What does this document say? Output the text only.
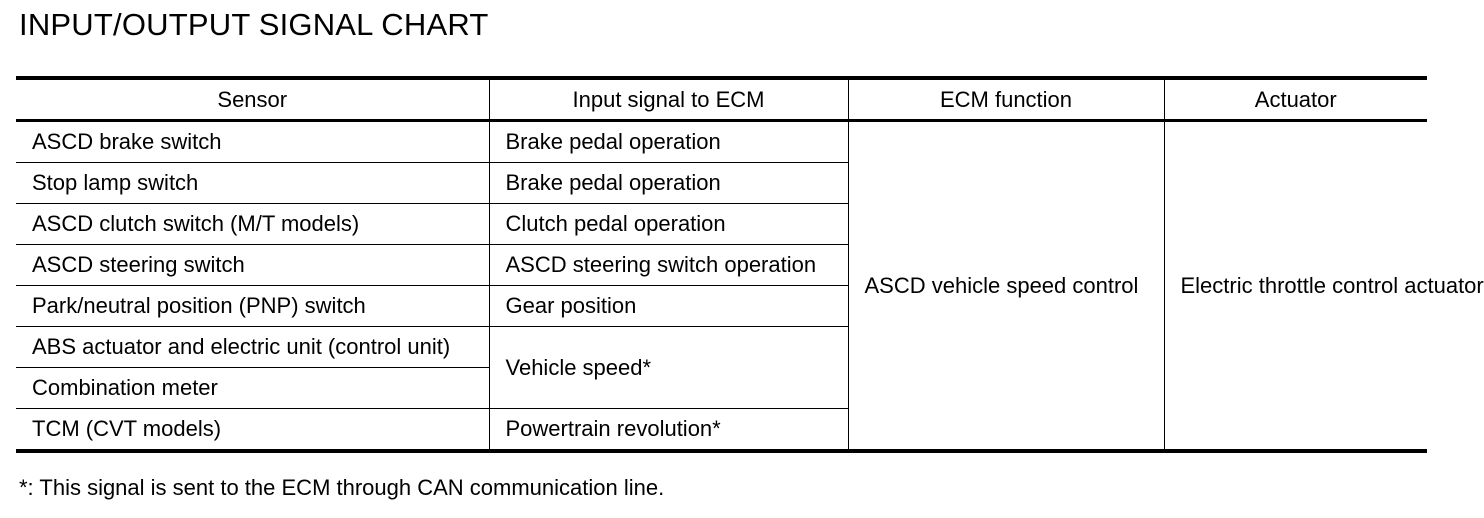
INPUT/OUTPUT SIGNAL CHART
Sensor	Input signal to ECM	ECM function	Actuator
ASCD brake switch	Brake pedal operation	ASCD vehicle speed control	Electric throttle control actuator
Stop lamp switch	Brake pedal operation		
ASCD clutch switch (M/T models)	Clutch pedal operation		
ASCD steering switch	ASCD steering switch operation		
Park/neutral position (PNP) switch	Gear position		
ABS actuator and electric unit (control unit)	Vehicle speed*		
Combination meter			
TCM (CVT models)	Powertrain revolution*		
*: This signal is sent to the ECM through CAN communication line.
